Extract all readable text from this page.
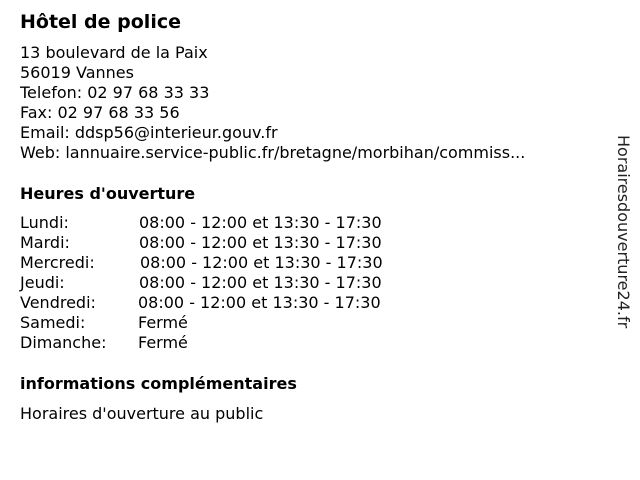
Hôtel de police
13 boulevard de la Paix
56019 Vannes
Telefon: 02 97 68 33 33
Fax: 02 97 68 33 56
Email: ddsp56@interieur.gouv.fr
Web: lannuaire.service-public.fr/bretagne/morbihan/commiss...
Heures d'ouverture
Lundi:	08:00 - 12:00 et 13:30 - 17:30
Mardi:	08:00 - 12:00 et 13:30 - 17:30
Mercredi:	08:00 - 12:00 et 13:30 - 17:30
Jeudi:	08:00 - 12:00 et 13:30 - 17:30
Vendredi:	08:00 - 12:00 et 13:30 - 17:30
Samedi:	Fermé
Dimanche: Fermé
informations complémentaires
Horaires d'ouverture au public
Horairesdouverture24.fr
